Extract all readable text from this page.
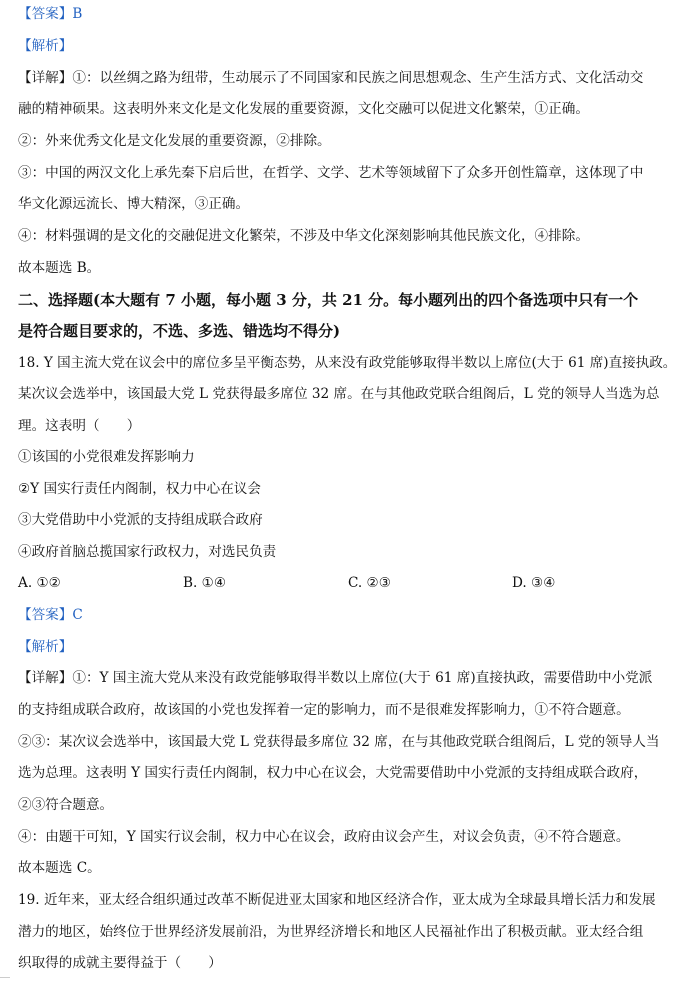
【答案】B
【解析】
【详解】①：以丝绸之路为纽带，生动展示了不同国家和民族之间思想观念、生产生活方式、文化活动交
融的精神硕果。这表明外来文化是文化发展的重要资源，文化交融可以促进文化繁荣，①正确。
②：外来优秀文化是文化发展的重要资源，②排除。
③：中国的两汉文化上承先秦下启后世，在哲学、文学、艺术等领域留下了众多开创性篇章，这体现了中
华文化源远流长、博大精深，③正确。
④：材料强调的是文化的交融促进文化繁荣，不涉及中华文化深刻影响其他民族文化，④排除。
故本题选 B。
二、选择题(本大题有 7 小题，每小题 3 分，共 21 分。每小题列出的四个备选项中只有一个
是符合题目要求的，不选、多选、错选均不得分)
18. Y 国主流大党在议会中的席位多呈平衡态势，从来没有政党能够取得半数以上席位(大于 61 席)直接执政。
某次议会选举中，该国最大党 L 党获得最多席位 32 席。在与其他政党联合组阁后，L 党的领导人当选为总
理。这表明（　　）
①该国的小党很难发挥影响力
②Y 国实行责任内阁制，权力中心在议会
③大党借助中小党派的支持组成联合政府
④政府首脑总揽国家行政权力，对选民负责
A. ①②	B. ①④	C. ②③	D. ③④
【答案】C
【解析】
【详解】①：Y 国主流大党从来没有政党能够取得半数以上席位(大于 61 席)直接执政，需要借助中小党派
的支持组成联合政府，故该国的小党也发挥着一定的影响力，而不是很难发挥影响力，①不符合题意。
②③：某次议会选举中，该国最大党 L 党获得最多席位 32 席，在与其他政党联合组阁后，L 党的领导人当
选为总理。这表明 Y 国实行责任内阁制，权力中心在议会，大党需要借助中小党派的支持组成联合政府，
②③符合题意。
④：由题干可知，Y 国实行议会制，权力中心在议会，政府由议会产生，对议会负责，④不符合题意。
故本题选 C。
19. 近年来，亚太经合组织通过改革不断促进亚太国家和地区经济合作，亚太成为全球最具增长活力和发展
潜力的地区，始终位于世界经济发展前沿，为世界经济增长和地区人民福祉作出了积极贡献。亚太经合组
织取得的成就主要得益于（　　）
